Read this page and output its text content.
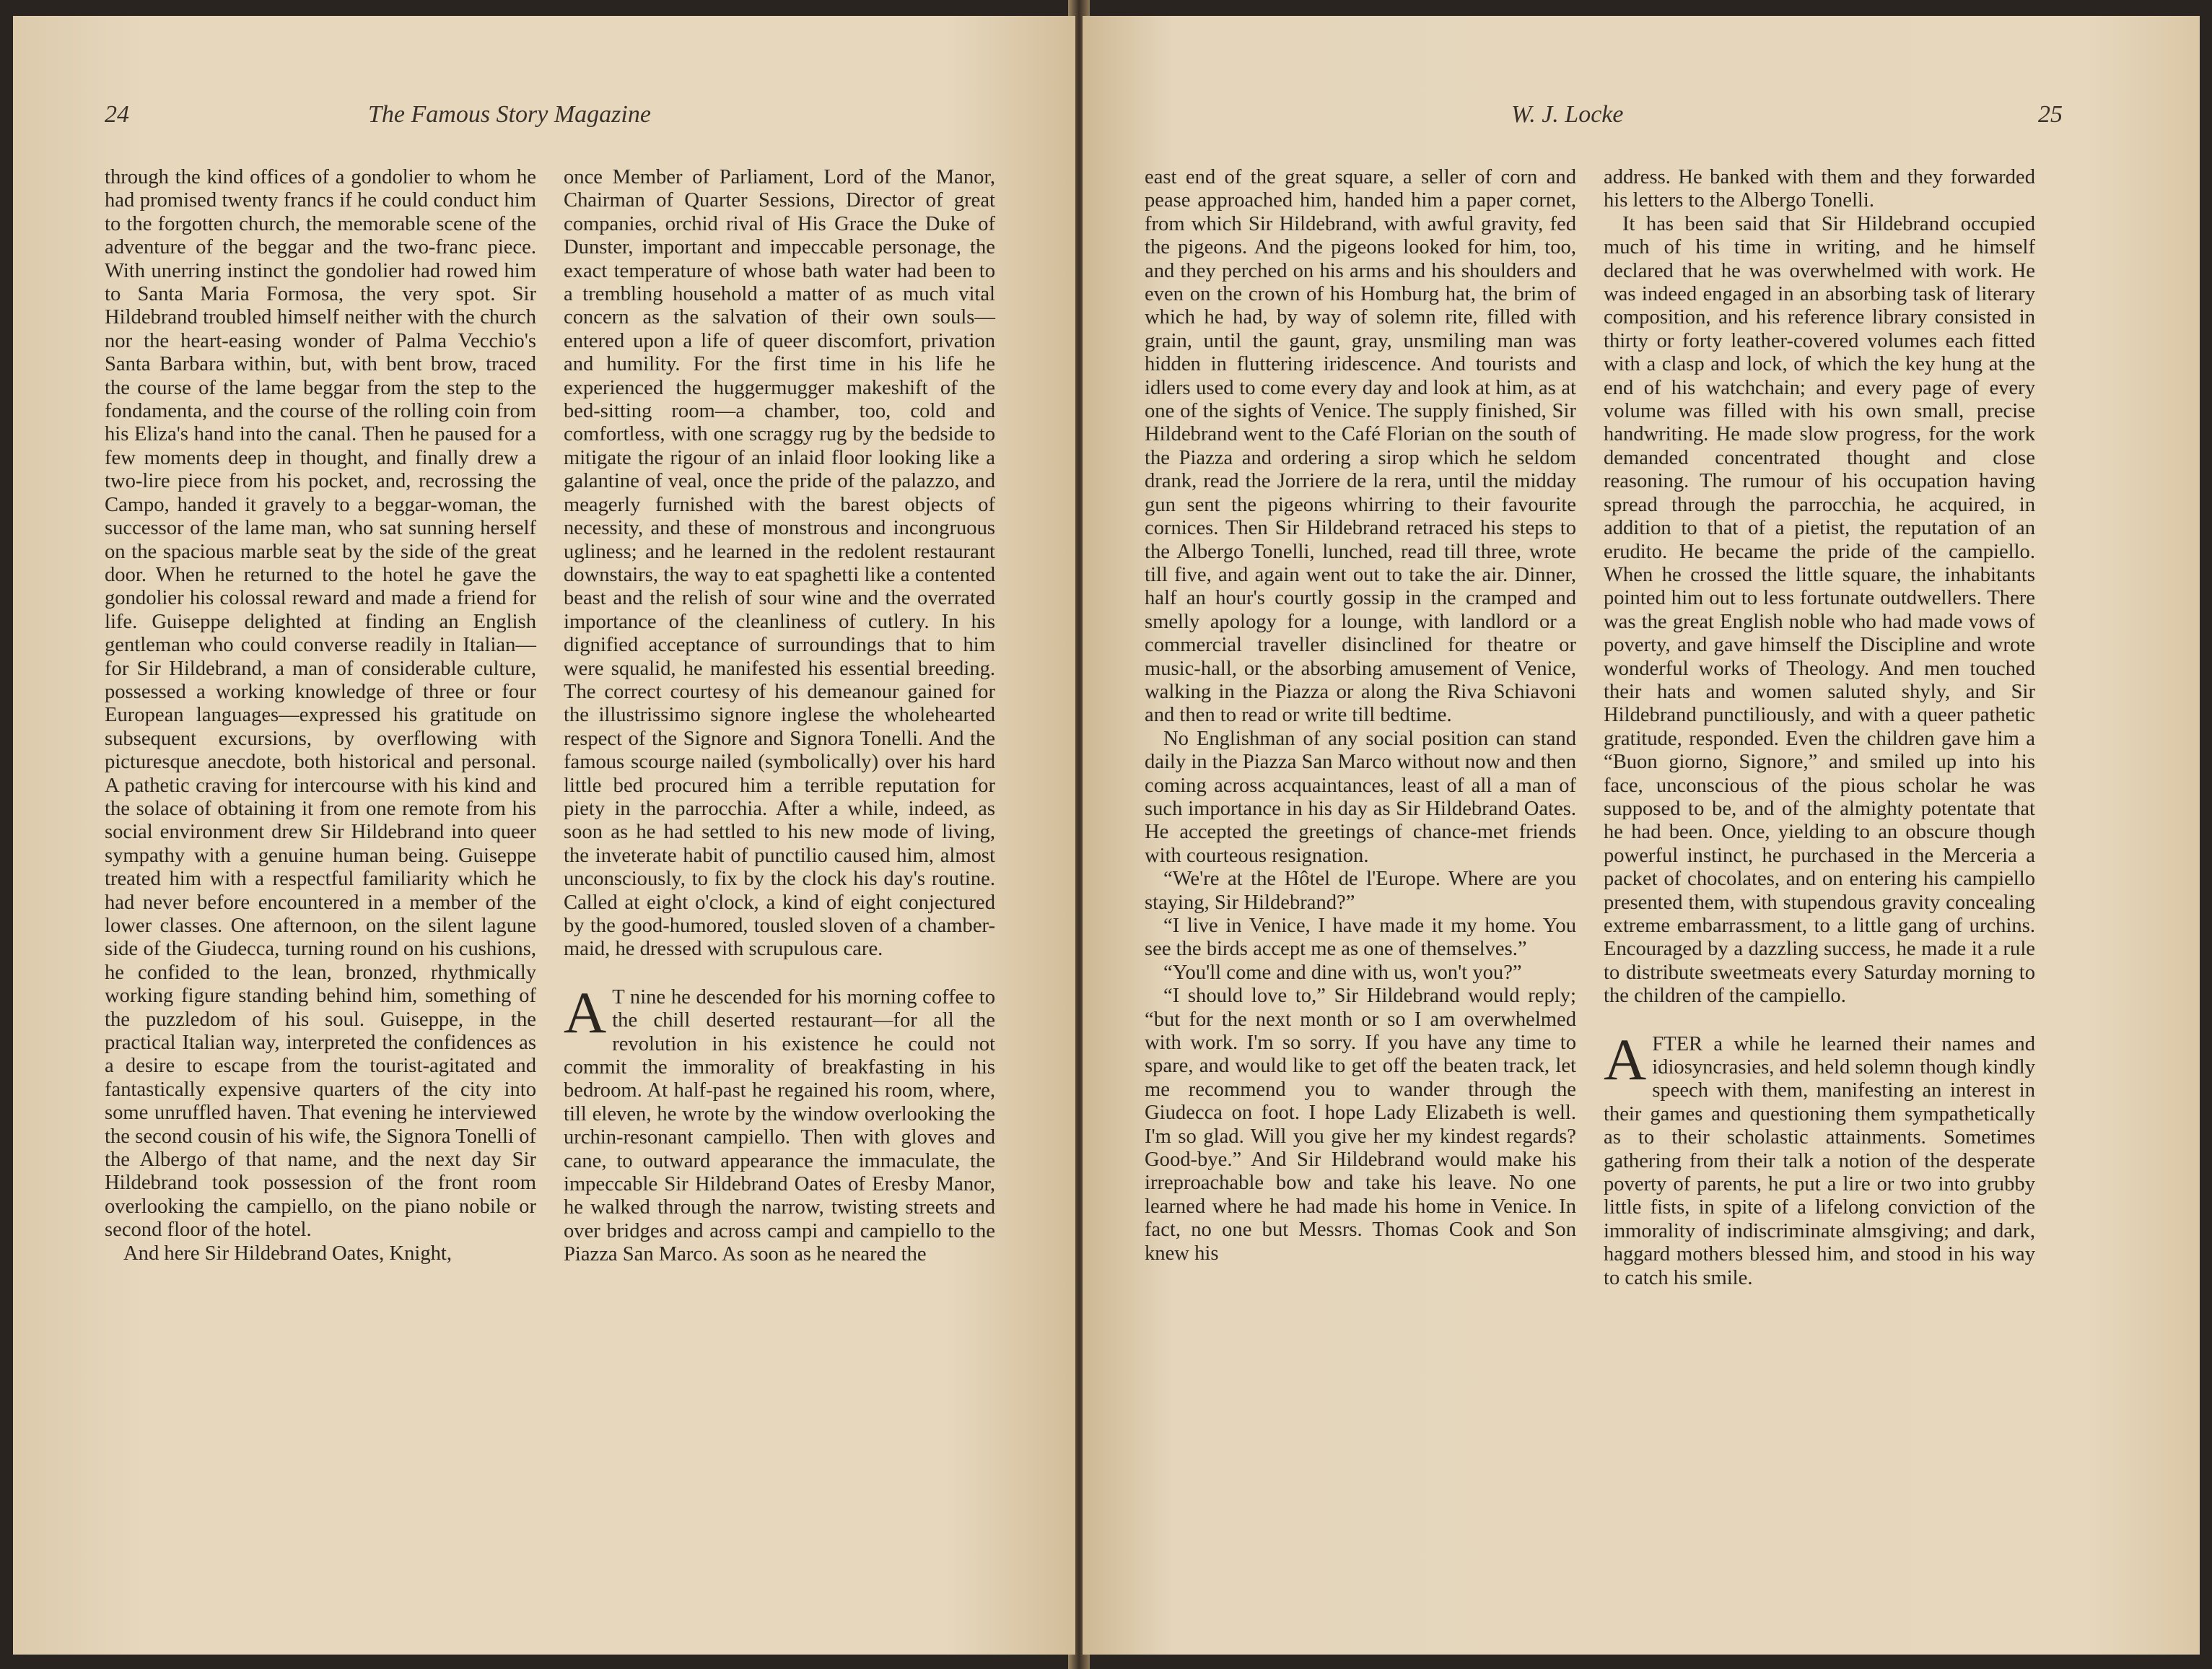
24	The Famous Story Magazine

through the kind offices of a gondolier to whom he had promised twenty francs if he could conduct him to the forgotten church, the memorable scene of the adventure of the beggar and the two-franc piece. With unerring instinct the gondolier had rowed him to Santa Maria Formosa, the very spot. Sir Hildebrand troubled himself neither with the church nor the heart-easing wonder of Palma Vecchio's Santa Barbara within, but, with bent brow, traced the course of the lame beggar from the step to the fondamenta, and the course of the rolling coin from his Eliza's hand into the canal. Then he paused for a few moments deep in thought, and finally drew a two-lire piece from his pocket, and, recrossing the Campo, handed it gravely to a beggar-woman, the successor of the lame man, who sat sunning herself on the spacious marble seat by the side of the great door. When he returned to the hotel he gave the gondolier his colossal reward and made a friend for life. Guiseppe delighted at finding an English gentleman who could converse readily in Italian—for Sir Hildebrand, a man of considerable culture, possessed a working knowledge of three or four European languages—expressed his gratitude on subsequent excursions, by overflowing with picturesque anecdote, both historical and personal. A pathetic craving for intercourse with his kind and the solace of obtaining it from one remote from his social environment drew Sir Hildebrand into queer sympathy with a genuine human being. Guiseppe treated him with a respectful familiarity which he had never before encountered in a member of the lower classes. One afternoon, on the silent lagune side of the Giudecca, turning round on his cushions, he confided to the lean, bronzed, rhythmically working figure standing behind him, something of the puzzledom of his soul. Guiseppe, in the practical Italian way, interpreted the confidences as a desire to escape from the tourist-agitated and fantastically expensive quarters of the city into some unruffled haven. That evening he interviewed the second cousin of his wife, the Signora Tonelli of the Albergo of that name, and the next day Sir Hildebrand took possession of the front room overlooking the campiello, on the piano nobile or second floor of the hotel.

And here Sir Hildebrand Oates, Knight,

once Member of Parliament, Lord of the Manor, Chairman of Quarter Sessions, Director of great companies, orchid rival of His Grace the Duke of Dunster, important and impeccable personage, the exact temperature of whose bath water had been to a trembling household a matter of as much vital concern as the salvation of their own souls—entered upon a life of queer discomfort, privation and humility. For the first time in his life he experienced the huggermugger makeshift of the bed-sitting room—a chamber, too, cold and comfortless, with one scraggy rug by the bedside to mitigate the rigour of an inlaid floor looking like a galantine of veal, once the pride of the palazzo, and meagerly furnished with the barest objects of necessity, and these of monstrous and incongruous ugliness; and he learned in the redolent restaurant downstairs, the way to eat spaghetti like a contented beast and the relish of sour wine and the overrated importance of the cleanliness of cutlery. In his dignified acceptance of surroundings that to him were squalid, he manifested his essential breeding. The correct courtesy of his demeanour gained for the illustrissimo signore inglese the wholehearted respect of the Signore and Signora Tonelli. And the famous scourge nailed (symbolically) over his hard little bed procured him a terrible reputation for piety in the parrocchia. After a while, indeed, as soon as he had settled to his new mode of living, the inveterate habit of punctilio caused him, almost unconsciously, to fix by the clock his day's routine. Called at eight o'clock, a kind of eight conjectured by the good-humored, tousled sloven of a chamber-maid, he dressed with scrupulous care.

A T nine he descended for his morning coffee to the chill deserted restaurant—for all the revolution in his existence he could not commit the immorality of breakfasting in his bedroom. At half-past he regained his room, where, till eleven, he wrote by the window overlooking the urchin-resonant campiello. Then with gloves and cane, to outward appearance the immaculate, the impeccable Sir Hildebrand Oates of Eresby Manor, he walked through the narrow, twisting streets and over bridges and across campi and campiello to the Piazza San Marco. As soon as he neared the

W. J. Locke	25

east end of the great square, a seller of corn and pease approached him, handed him a paper cornet, from which Sir Hildebrand, with awful gravity, fed the pigeons. And the pigeons looked for him, too, and they perched on his arms and his shoulders and even on the crown of his Homburg hat, the brim of which he had, by way of solemn rite, filled with grain, until the gaunt, gray, unsmiling man was hidden in fluttering iridescence. And tourists and idlers used to come every day and look at him, as at one of the sights of Venice. The supply finished, Sir Hildebrand went to the Café Florian on the south of the Piazza and ordering a sirop which he seldom drank, read the Jorriere de la rera, until the midday gun sent the pigeons whirring to their favourite cornices. Then Sir Hildebrand retraced his steps to the Albergo Tonelli, lunched, read till three, wrote till five, and again went out to take the air. Dinner, half an hour's courtly gossip in the cramped and smelly apology for a lounge, with landlord or a commercial traveller disinclined for theatre or music-hall, or the absorbing amusement of Venice, walking in the Piazza or along the Riva Schiavoni and then to read or write till bedtime.

No Englishman of any social position can stand daily in the Piazza San Marco without now and then coming across acquaintances, least of all a man of such importance in his day as Sir Hildebrand Oates. He accepted the greetings of chance-met friends with courteous resignation.

“We're at the Hôtel de l'Europe. Where are you staying, Sir Hildebrand?”

“I live in Venice, I have made it my home. You see the birds accept me as one of themselves.”

“You'll come and dine with us, won't you?”

“I should love to,” Sir Hildebrand would reply; “but for the next month or so I am overwhelmed with work. I'm so sorry. If you have any time to spare, and would like to get off the beaten track, let me recommend you to wander through the Giudecca on foot. I hope Lady Elizabeth is well. I'm so glad. Will you give her my kindest regards? Good-bye.” And Sir Hildebrand would make his irreproachable bow and take his leave. No one learned where he had made his home in Venice. In fact, no one but Messrs. Thomas Cook and Son knew his

address. He banked with them and they forwarded his letters to the Albergo Tonelli.

It has been said that Sir Hildebrand occupied much of his time in writing, and he himself declared that he was overwhelmed with work. He was indeed engaged in an absorbing task of literary composition, and his reference library consisted in thirty or forty leather-covered volumes each fitted with a clasp and lock, of which the key hung at the end of his watchchain; and every page of every volume was filled with his own small, precise handwriting. He made slow progress, for the work demanded concentrated thought and close reasoning. The rumour of his occupation having spread through the parrocchia, he acquired, in addition to that of a pietist, the reputation of an erudito. He became the pride of the campiello. When he crossed the little square, the inhabitants pointed him out to less fortunate outdwellers. There was the great English noble who had made vows of poverty, and gave himself the Discipline and wrote wonderful works of Theology. And men touched their hats and women saluted shyly, and Sir Hildebrand punctiliously, and with a queer pathetic gratitude, responded. Even the children gave him a “Buon giorno, Signore,” and smiled up into his face, unconscious of the pious scholar he was supposed to be, and of the almighty potentate that he had been. Once, yielding to an obscure though powerful instinct, he purchased in the Merceria a packet of chocolates, and on entering his campiello presented them, with stupendous gravity concealing extreme embarrassment, to a little gang of urchins. Encouraged by a dazzling success, he made it a rule to distribute sweetmeats every Saturday morning to the children of the campiello.

AFTER a while he learned their names and idiosyncrasies, and held solemn though kindly speech with them, manifesting an interest in their games and questioning them sympathetically as to their scholastic attainments. Sometimes gathering from their talk a notion of the desperate poverty of parents, he put a lire or two into grubby little fists, in spite of a lifelong conviction of the immorality of indiscriminate almsgiving; and dark, haggard mothers blessed him, and stood in his way to catch his smile.
